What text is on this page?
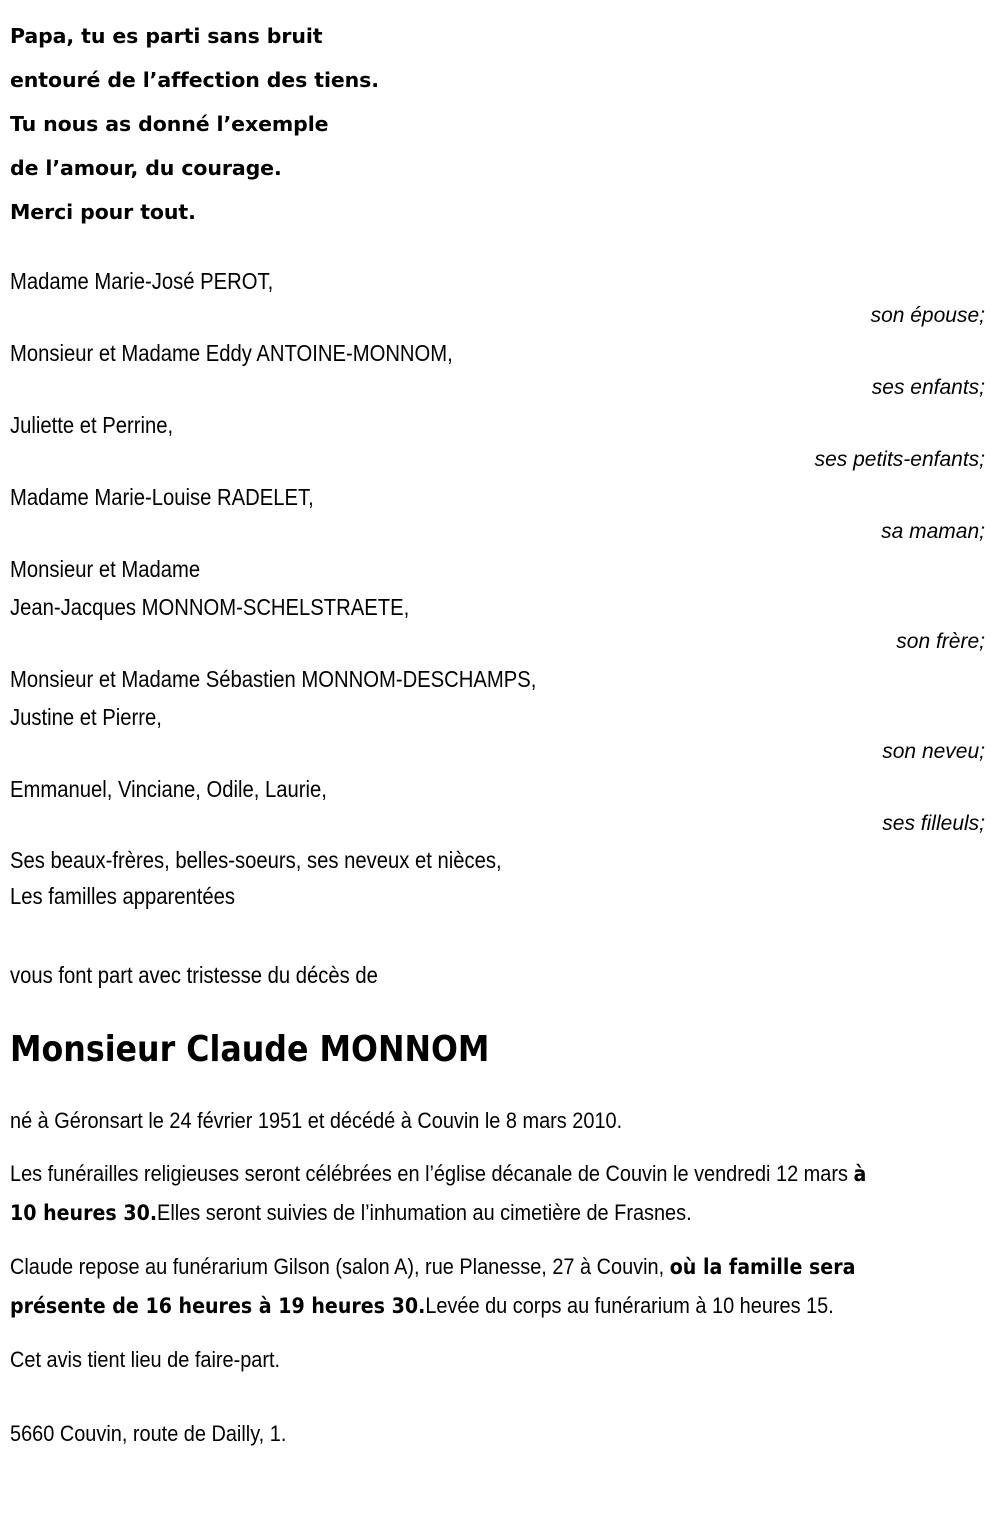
Papa, tu es parti sans bruit
entouré de l’affection des tiens.
Tu nous as donné l’exemple
de l’amour, du courage.
Merci pour tout.
Madame Marie-José PEROT,
son épouse;
Monsieur et Madame Eddy ANTOINE-MONNOM,
ses enfants;
Juliette et Perrine,
ses petits-enfants;
Madame Marie-Louise RADELET,
sa maman;
Monsieur et Madame
Jean-Jacques MONNOM-SCHELSTRAETE,
son frère;
Monsieur et Madame Sébastien MONNOM-DESCHAMPS,
Justine et Pierre,
son neveu;
Emmanuel, Vinciane, Odile, Laurie,
ses filleuls;
Ses beaux-frères, belles-soeurs, ses neveux et nièces,
Les familles apparentées
vous font part avec tristesse du décès de
Monsieur Claude MONNOM

né à Géronsart le 24 février 1951 et décédé à Couvin le 8 mars 2010.

Les funérailles religieuses seront célébrées en l’église décanale de Couvin le vendredi 12 mars à 10 heures 30.Elles seront suivies de l’inhumation au cimetière de Frasnes.

Claude repose au funérarium Gilson (salon A), rue Planesse, 27 à Couvin, où la famille sera présente de 16 heures à 19 heures 30.Levée du corps au funérarium à 10 heures 15.

Cet avis tient lieu de faire-part.

5660 Couvin, route de Dailly, 1.
